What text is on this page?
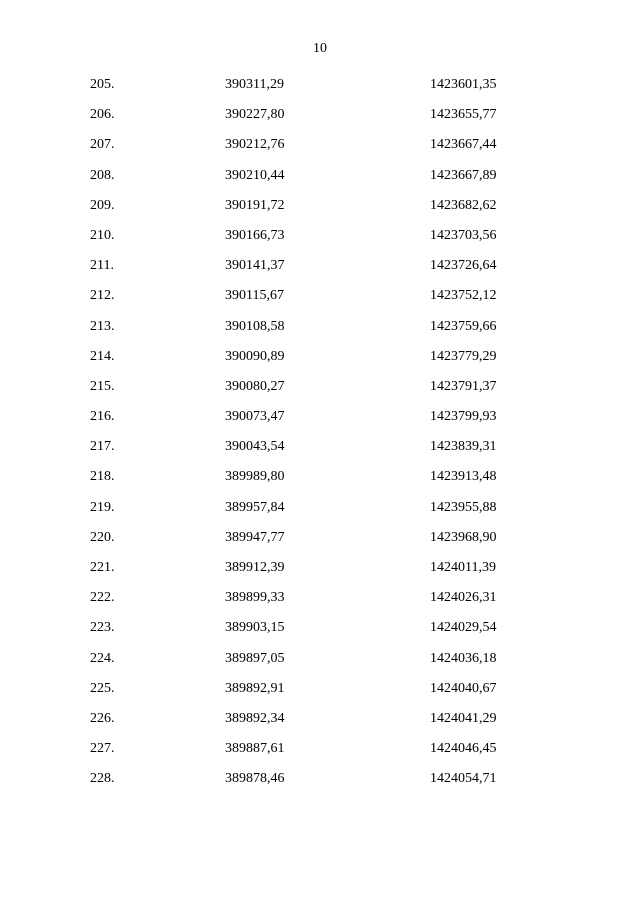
10
205.	390311,29	1423601,35
206.	390227,80	1423655,77
207.	390212,76	1423667,44
208.	390210,44	1423667,89
209.	390191,72	1423682,62
210.	390166,73	1423703,56
211.	390141,37	1423726,64
212.	390115,67	1423752,12
213.	390108,58	1423759,66
214.	390090,89	1423779,29
215.	390080,27	1423791,37
216.	390073,47	1423799,93
217.	390043,54	1423839,31
218.	389989,80	1423913,48
219.	389957,84	1423955,88
220.	389947,77	1423968,90
221.	389912,39	1424011,39
222.	389899,33	1424026,31
223.	389903,15	1424029,54
224.	389897,05	1424036,18
225.	389892,91	1424040,67
226.	389892,34	1424041,29
227.	389887,61	1424046,45
228.	389878,46	1424054,71
